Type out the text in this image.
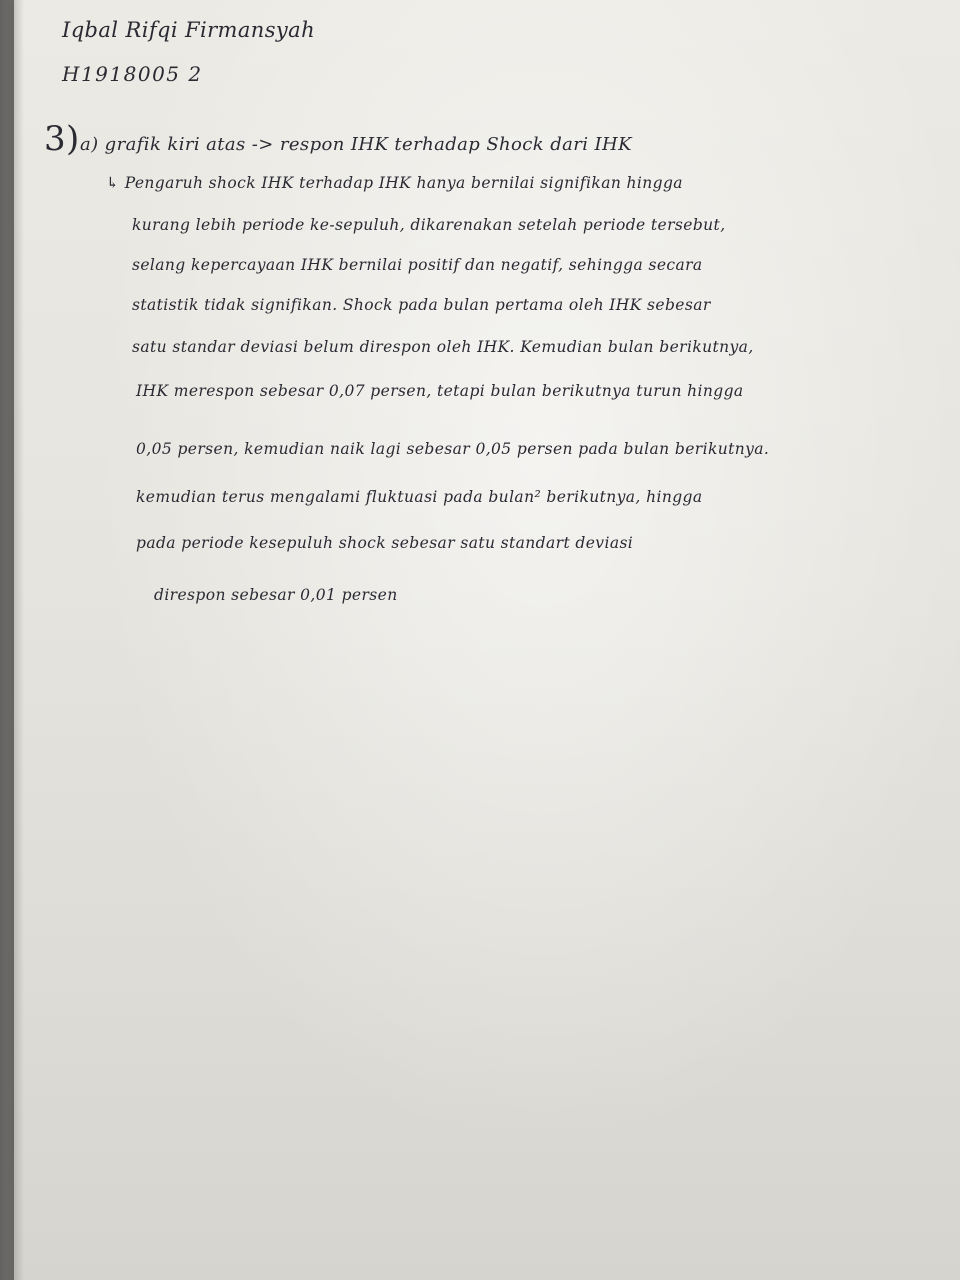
Iqbal Rifqi Firmansyah
H1918005 2
3) a) grafik kiri atas -> respon IHK terhadap Shock dari IHK
↳ Pengaruh shock IHK terhadap IHK hanya bernilai signifikan hingga
kurang lebih periode ke-sepuluh, dikarenakan setelah periode tersebut,
selang kepercayaan IHK bernilai positif dan negatif, sehingga secara
statistik tidak signifikan. Shock pada bulan pertama oleh IHK sebesar
satu standar deviasi belum direspon oleh IHK. Kemudian bulan berikutnya,
IHK merespon sebesar 0,07 persen, tetapi bulan berikutnya turun hingga
0,05 persen, kemudian naik lagi sebesar 0,05 persen pada bulan berikutnya.
kemudian terus mengalami fluktuasi pada bulan² berikutnya, hingga
pada periode kesepuluh shock sebesar satu standart deviasi
direspon sebesar 0,01 persen
